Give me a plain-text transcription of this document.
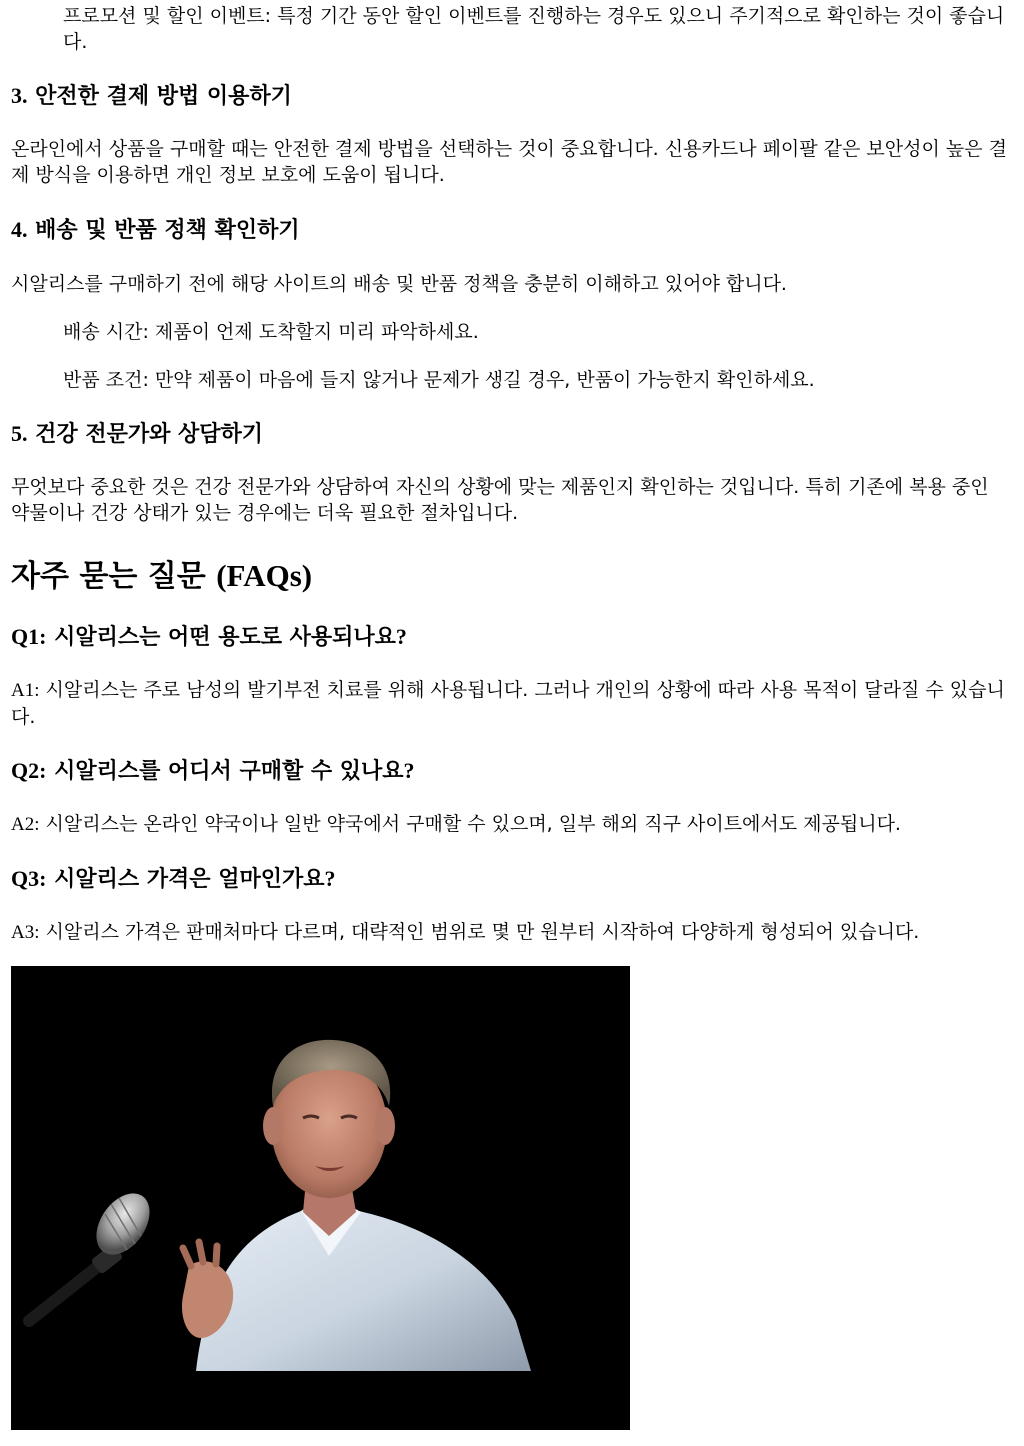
프로모션 및 할인 이벤트: 특정 기간 동안 할인 이벤트를 진행하는 경우도 있으니 주기적으로 확인하는 것이 좋습니다.

3. 안전한 결제 방법 이용하기

온라인에서 상품을 구매할 때는 안전한 결제 방법을 선택하는 것이 중요합니다. 신용카드나 페이팔 같은 보안성이 높은 결제 방식을 이용하면 개인 정보 보호에 도움이 됩니다.

4. 배송 및 반품 정책 확인하기

시알리스를 구매하기 전에 해당 사이트의 배송 및 반품 정책을 충분히 이해하고 있어야 합니다.

배송 시간: 제품이 언제 도착할지 미리 파악하세요.

반품 조건: 만약 제품이 마음에 들지 않거나 문제가 생길 경우, 반품이 가능한지 확인하세요.

5. 건강 전문가와 상담하기

무엇보다 중요한 것은 건강 전문가와 상담하여 자신의 상황에 맞는 제품인지 확인하는 것입니다. 특히 기존에 복용 중인 약물이나 건강 상태가 있는 경우에는 더욱 필요한 절차입니다.

자주 묻는 질문 (FAQs)
Q1: 시알리스는 어떤 용도로 사용되나요?

A1: 시알리스는 주로 남성의 발기부전 치료를 위해 사용됩니다. 그러나 개인의 상황에 따라 사용 목적이 달라질 수 있습니다.

Q2: 시알리스를 어디서 구매할 수 있나요?

A2: 시알리스는 온라인 약국이나 일반 약국에서 구매할 수 있으며, 일부 해외 직구 사이트에서도 제공됩니다.

Q3: 시알리스 가격은 얼마인가요?

A3: 시알리스 가격은 판매처마다 다르며, 대략적인 범위로 몇 만 원부터 시작하여 다양하게 형성되어 있습니다.
